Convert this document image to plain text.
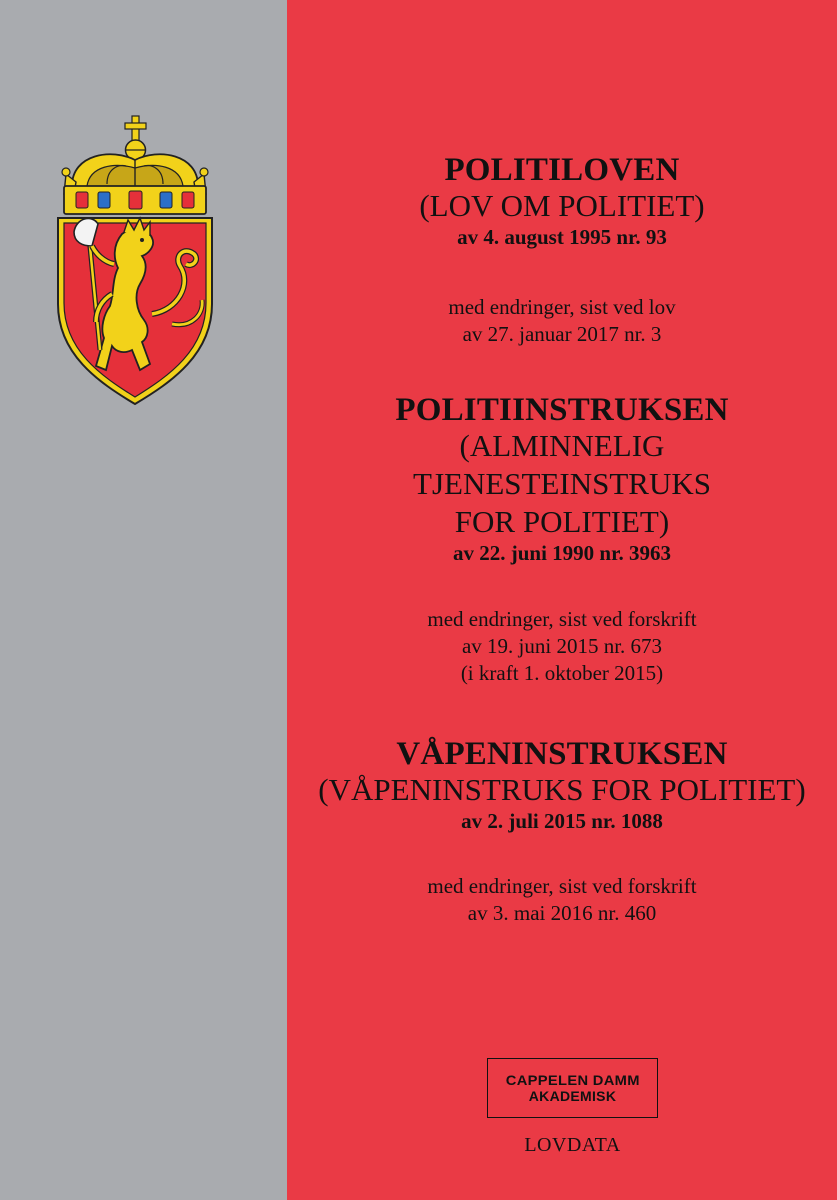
POLITILOVEN
(LOV OM POLITIET)
av 4. august 1995 nr. 93
med endringer, sist ved lov
av 27. januar 2017 nr. 3
POLITIINSTRUKSEN
(ALMINNELIG
TJENESTEINSTRUKS
FOR POLITIET)
av 22. juni 1990 nr. 3963
med endringer, sist ved forskrift
av 19. juni 2015 nr. 673
(i kraft 1. oktober 2015)
VÅPENINSTRUKSEN
(VÅPENINSTRUKS FOR POLITIET)
av 2. juli 2015 nr. 1088
med endringer, sist ved forskrift
av 3. mai 2016 nr. 460
CAPPELEN DAMM
AKADEMISK
LOVDATA
